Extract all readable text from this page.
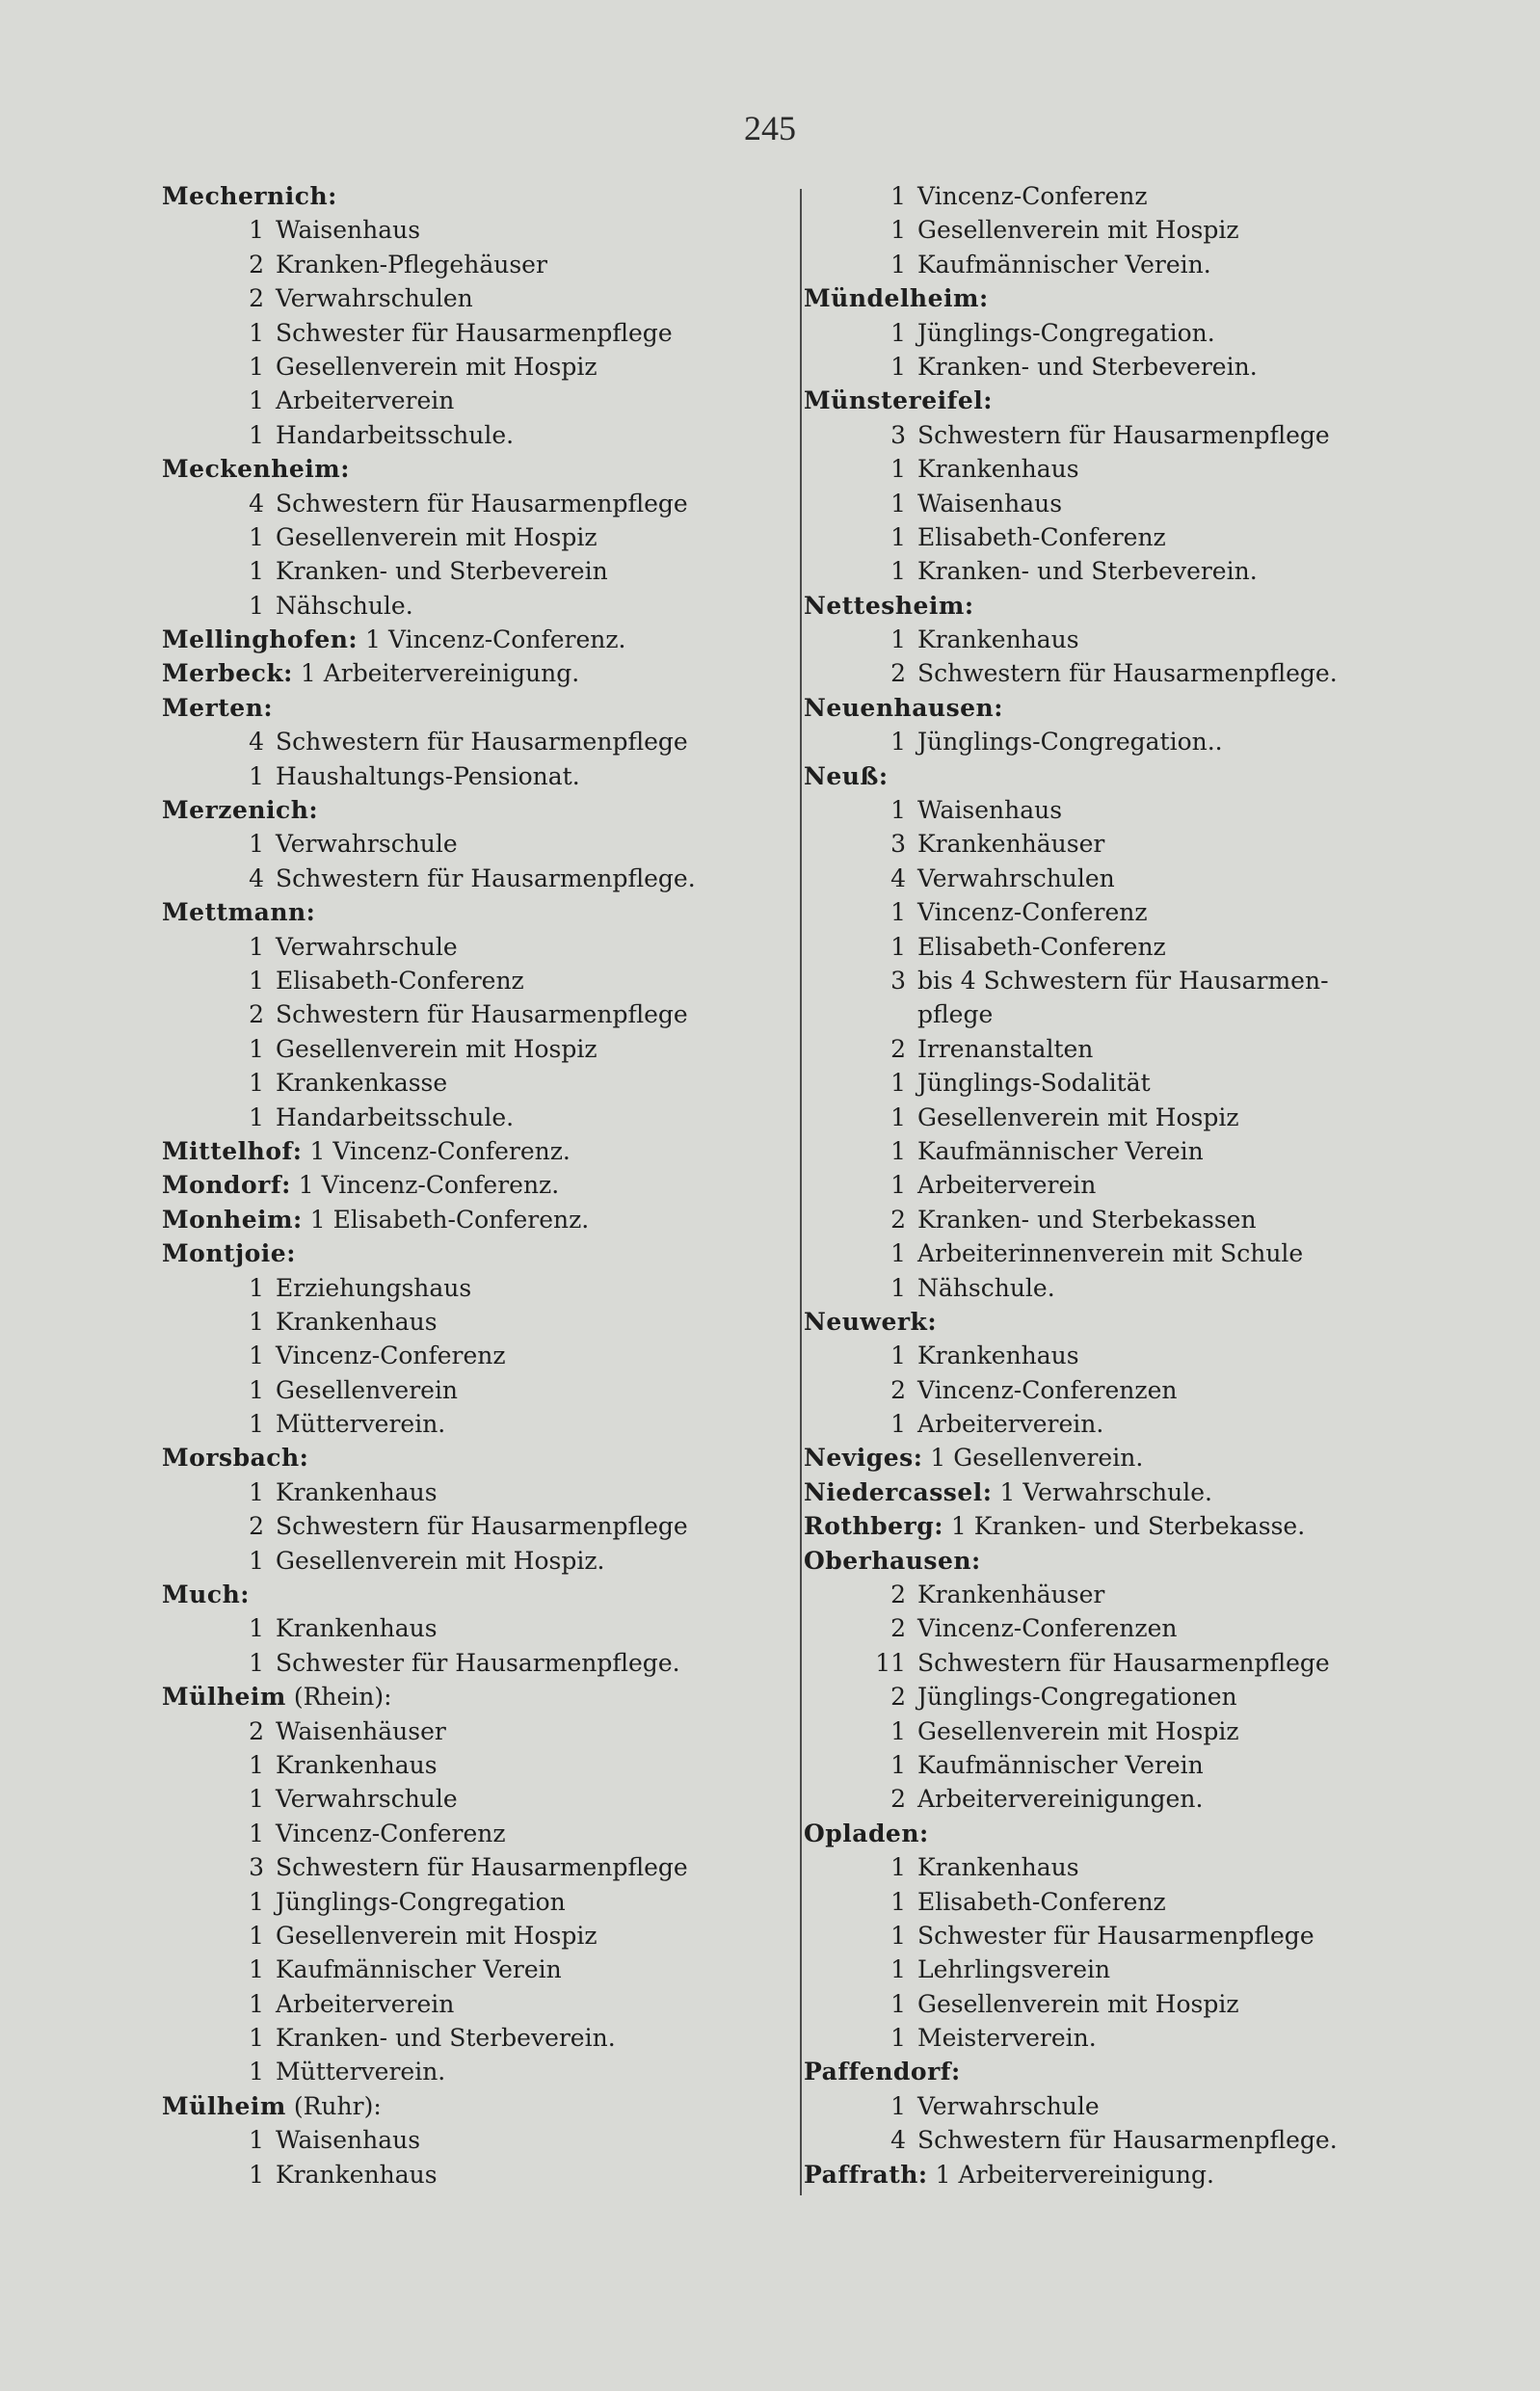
245
Mechernich:
1 Waisenhaus
2 Kranken-Pflegehäuser
2 Verwahrschulen
1 Schwester für Hausarmenpflege
1 Gesellenverein mit Hospiz
1 Arbeiterverein
1 Handarbeitsschule.
Meckenheim:
4 Schwestern für Hausarmenpflege
1 Gesellenverein mit Hospiz
1 Kranken- und Sterbeverein
1 Nähschule.
Mellinghofen: 1 Vincenz-Conferenz.
Merbeck: 1 Arbeitervereinigung.
Merten:
4 Schwestern für Hausarmenpflege
1 Haushaltungs-Pensionat.
Merzenich:
1 Verwahrschule
4 Schwestern für Hausarmenpflege.
Mettmann:
1 Verwahrschule
1 Elisabeth-Conferenz
2 Schwestern für Hausarmenpflege
1 Gesellenverein mit Hospiz
1 Krankenkasse
1 Handarbeitsschule.
Mittelhof: 1 Vincenz-Conferenz.
Mondorf: 1 Vincenz-Conferenz.
Monheim: 1 Elisabeth-Conferenz.
Montjoie:
1 Erziehungshaus
1 Krankenhaus
1 Vincenz-Conferenz
1 Gesellenverein
1 Mütterverein.
Morsbach:
1 Krankenhaus
2 Schwestern für Hausarmenpflege
1 Gesellenverein mit Hospiz.
Much:
1 Krankenhaus
1 Schwester für Hausarmenpflege.
Mülheim (Rhein):
2 Waisenhäuser
1 Krankenhaus
1 Verwahrschule
1 Vincenz-Conferenz
3 Schwestern für Hausarmenpflege
1 Jünglings-Congregation
1 Gesellenverein mit Hospiz
1 Kaufmännischer Verein
1 Arbeiterverein
1 Kranken- und Sterbeverein.
1 Mütterverein.
Mülheim (Ruhr):
1 Waisenhaus
1 Krankenhaus
1 Vincenz-Conferenz
1 Gesellenverein mit Hospiz
1 Kaufmännischer Verein.
Mündelheim:
1 Jünglings-Congregation.
1 Kranken- und Sterbeverein.
Münstereifel:
3 Schwestern für Hausarmenpflege
1 Krankenhaus
1 Waisenhaus
1 Elisabeth-Conferenz
1 Kranken- und Sterbeverein.
Nettesheim:
1 Krankenhaus
2 Schwestern für Hausarmenpflege.
Neuenhausen:
1 Jünglings-Congregation..
Neuß:
1 Waisenhaus
3 Krankenhäuser
4 Verwahrschulen
1 Vincenz-Conferenz
1 Elisabeth-Conferenz
3 bis 4 Schwestern für Hausarmen-
pflege
2 Irrenanstalten
1 Jünglings-Sodalität
1 Gesellenverein mit Hospiz
1 Kaufmännischer Verein
1 Arbeiterverein
2 Kranken- und Sterbekassen
1 Arbeiterinnenverein mit Schule
1 Nähschule.
Neuwerk:
1 Krankenhaus
2 Vincenz-Conferenzen
1 Arbeiterverein.
Neviges: 1 Gesellenverein.
Niedercassel: 1 Verwahrschule.
Rothberg: 1 Kranken- und Sterbekasse.
Oberhausen:
2 Krankenhäuser
2 Vincenz-Conferenzen
11 Schwestern für Hausarmenpflege
2 Jünglings-Congregationen
1 Gesellenverein mit Hospiz
1 Kaufmännischer Verein
2 Arbeitervereinigungen.
Opladen:
1 Krankenhaus
1 Elisabeth-Conferenz
1 Schwester für Hausarmenpflege
1 Lehrlingsverein
1 Gesellenverein mit Hospiz
1 Meisterverein.
Paffendorf:
1 Verwahrschule
4 Schwestern für Hausarmenpflege.
Paffrath: 1 Arbeitervereinigung.
